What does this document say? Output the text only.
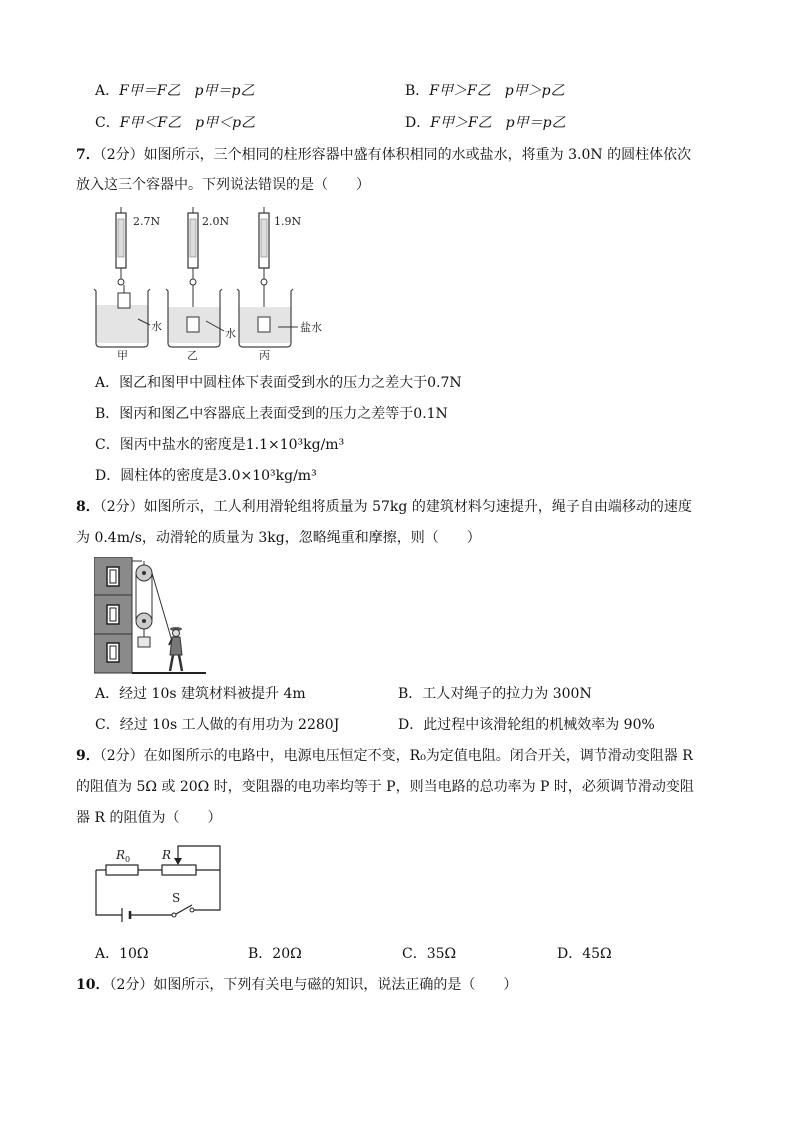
A．F甲＝F乙　p甲＝p乙	B．F甲＞F乙　p甲＞p乙
C．F甲＜F乙　p甲＜p乙	D．F甲＞F乙　p甲＝p乙
7．（2分）如图所示，三个相同的柱形容器中盛有体积相同的水或盐水，将重为 3.0N 的圆柱体依次
放入这三个容器中。下列说法错误的是（　　）
2.7N	2.0N	1.9N
水
水	盐水
甲	乙	丙
A．图乙和图甲中圆柱体下表面受到水的压力之差大于0.7N
B．图丙和图乙中容器底上表面受到的压力之差等于0.1N
C．图丙中盐水的密度是1.1×10³kg/m³
D．圆柱体的密度是3.0×10³kg/m³
8．（2分）如图所示，工人利用滑轮组将质量为 57kg 的建筑材料匀速提升，绳子自由端移动的速度
为 0.4m/s，动滑轮的质量为 3kg，忽略绳重和摩擦，则（　　）
A．经过 10s 建筑材料被提升 4m	B．工人对绳子的拉力为 300N
C．经过 10s 工人做的有用功为 2280J	D．此过程中该滑轮组的机械效率为 90%
9．（2分）在如图所示的电路中，电源电压恒定不变，R₀为定值电阻。闭合开关，调节滑动变阻器 R
的阻值为 5Ω 或 20Ω 时，变阻器的电功率均等于 P，则当电路的总功率为 P 时，必须调节滑动变阻
器 R 的阻值为（　　）
$R_0$	R
S
A．10Ω	B．20Ω	C．35Ω	D．45Ω
10．（2分）如图所示，下列有关电与磁的知识，说法正确的是（　　）
